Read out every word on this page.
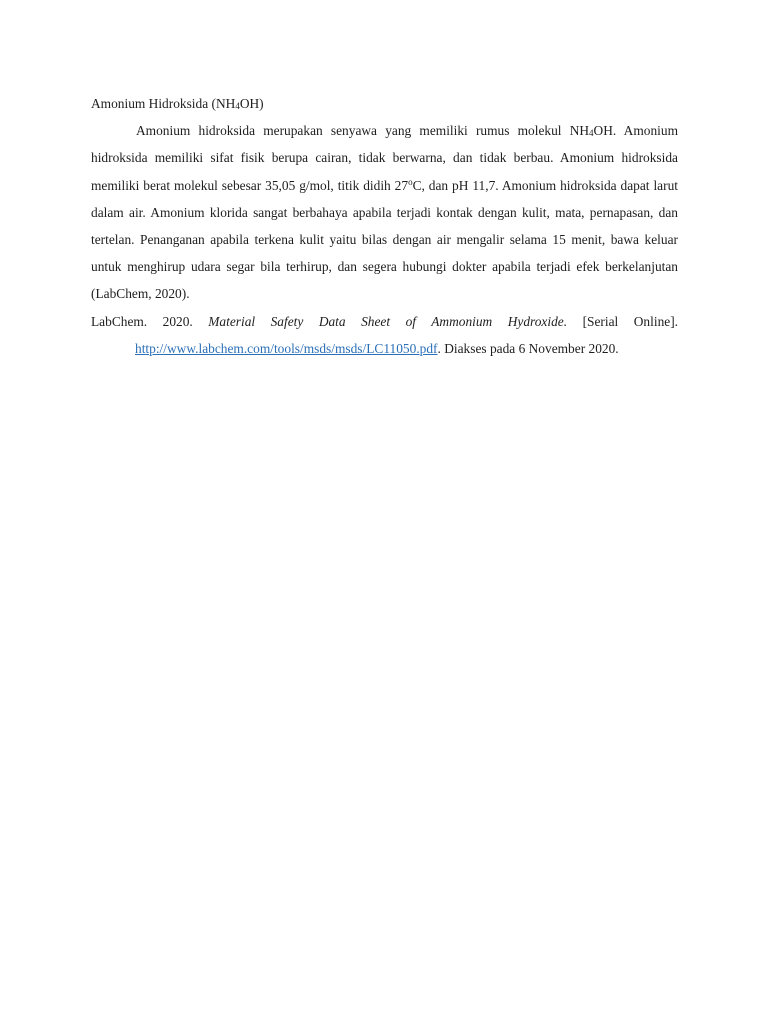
Amonium Hidroksida $(NH_4OH)$

Amonium hidroksida merupakan senyawa yang memiliki rumus molekul $NH_4OH$. Amonium hidroksida memiliki sifat fisik berupa cairan, tidak berwarna, dan tidak berbau. Amonium hidroksida memiliki berat molekul sebesar 35,05 g/mol, titik didih 27$^o$C, dan pH 11,7. Amonium hidroksida dapat larut dalam air. Amonium klorida sangat berbahaya apabila terjadi kontak dengan kulit, mata, pernapasan, dan tertelan. Penanganan apabila terkena kulit yaitu bilas dengan air mengalir selama 15 menit, bawa keluar untuk menghirup udara segar bila terhirup, dan segera hubungi dokter apabila terjadi efek berkelanjutan (LabChem, 2020).

LabChem. 2020. Material Safety Data Sheet of Ammonium Hydroxide. [Serial Online]. http://www.labchem.com/tools/msds/msds/LC11050.pdf. Diakses pada 6 November 2020.
